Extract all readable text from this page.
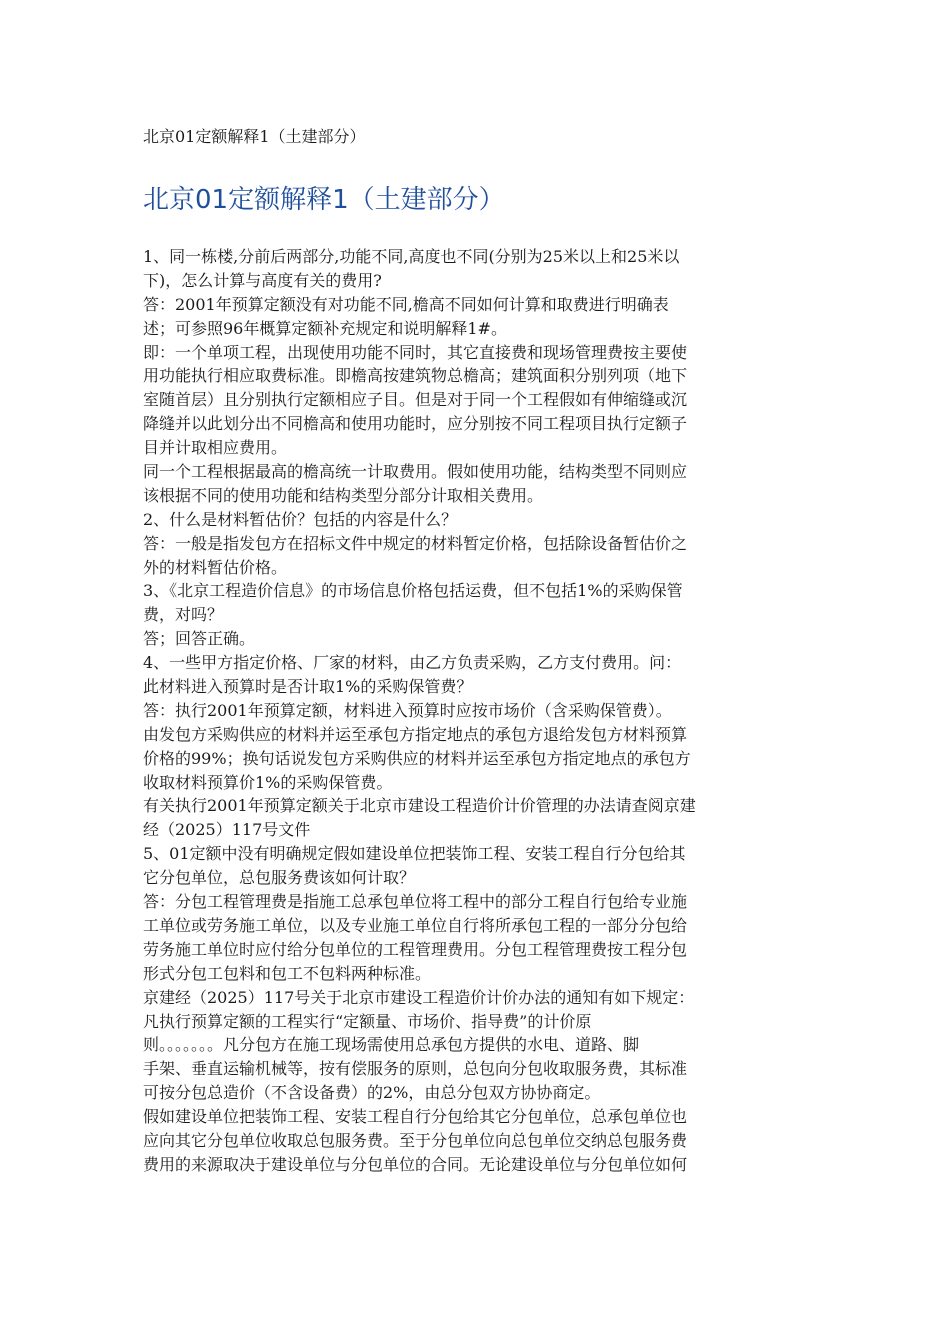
北京01定额解释1（土建部分）
北京01定额解释1（土建部分）
1、同一栋楼,分前后两部分,功能不同,高度也不同(分别为25米以上和25米以
下)，怎么计算与高度有关的费用?
答：2001年预算定额没有对功能不同,檐高不同如何计算和取费进行明确表
述；可参照96年概算定额补充规定和说明解释1#。
即：一个单项工程，出现使用功能不同时，其它直接费和现场管理费按主要使
用功能执行相应取费标准。即檐高按建筑物总檐高；建筑面积分别列项（地下
室随首层）且分别执行定额相应子目。但是对于同一个工程假如有伸缩缝或沉
降缝并以此划分出不同檐高和使用功能时，应分别按不同工程项目执行定额子
目并计取相应费用。
同一个工程根据最高的檐高统一计取费用。假如使用功能，结构类型不同则应
该根据不同的使用功能和结构类型分部分计取相关费用。
2、什么是材料暂估价？包括的内容是什么？
答：一般是指发包方在招标文件中规定的材料暂定价格，包括除设备暂估价之
外的材料暂估价格。
3、《北京工程造价信息》的市场信息价格包括运费，但不包括1%的采购保管
费，对吗？
答；回答正确。
4、一些甲方指定价格、厂家的材料，由乙方负责采购，乙方支付费用。问：
此材料进入预算时是否计取1%的采购保管费？
答：执行2001年预算定额，材料进入预算时应按市场价（含采购保管费）。
由发包方采购供应的材料并运至承包方指定地点的承包方退给发包方材料预算
价格的99%；换句话说发包方采购供应的材料并运至承包方指定地点的承包方
收取材料预算价1%的采购保管费。
有关执行2001年预算定额关于北京市建设工程造价计价管理的办法请查阅京建
经（2025）117号文件
5、01定额中没有明确规定假如建设单位把装饰工程、安装工程自行分包给其
它分包单位，总包服务费该如何计取？
答：分包工程管理费是指施工总承包单位将工程中的部分工程自行包给专业施
工单位或劳务施工单位，以及专业施工单位自行将所承包工程的一部分分包给
劳务施工单位时应付给分包单位的工程管理费用。分包工程管理费按工程分包
形式分包工包料和包工不包料两种标准。
京建经（2025）117号关于北京市建设工程造价计价办法的通知有如下规定：
凡执行预算定额的工程实行“定额量、市场价、指导费”的计价原
则。。。。。。。凡分包方在施工现场需使用总承包方提供的水电、道路、脚
手架、垂直运输机械等，按有偿服务的原则，总包向分包收取服务费，其标准
可按分包总造价（不含设备费）的2%，由总分包双方协协商定。
假如建设单位把装饰工程、安装工程自行分包给其它分包单位，总承包单位也
应向其它分包单位收取总包服务费。至于分包单位向总包单位交纳总包服务费
费用的来源取决于建设单位与分包单位的合同。无论建设单位与分包单位如何
